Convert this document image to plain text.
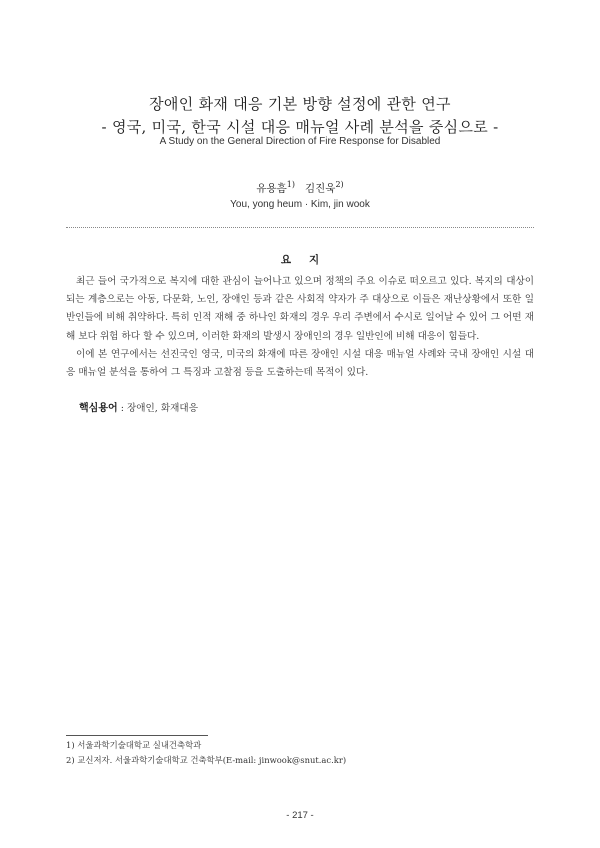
장애인 화재 대응 기본 방향 설정에 관한 연구
- 영국, 미국, 한국 시설 대응 매뉴얼 사례 분석을 중심으로 -
A Study on the General Direction of Fire Response for Disabled
유용흠$^{1)}$ 김진욱$^{2)}$
You, yong heum · Kim, jin wook
요지

최근 들어 국가적으로 복지에 대한 관심이 늘어나고 있으며 정책의 주요 이슈로 떠오르고 있다. 복지의 대상이 되는 계층으로는 아동, 다문화, 노인, 장애인 등과 같은 사회적 약자가 주 대상으로 이들은 재난상황에서 또한 일반인들에 비해 취약하다. 특히 인적 재해 중 하나인 화재의 경우 우리 주변에서 수시로 일어날 수 있어 그 어떤 재해 보다 위험 하다 할 수 있으며, 이러한 화재의 발생시 장애인의 경우 일반인에 비해 대응이 힘들다.

이에 본 연구에서는 선진국인 영국, 미국의 화재에 따른 장애인 시설 대응 매뉴얼 사례와 국내 장애인 시설 대응 매뉴얼 분석을 통하여 그 특징과 고찰점 등을 도출하는데 목적이 있다.

핵심용어 : 장애인, 화재대응
1) 서울과학기술대학교 실내건축학과
2) 교신저자. 서울과학기술대학교 건축학부(E-mail: jinwook@snut.ac.kr)
- 217 -
